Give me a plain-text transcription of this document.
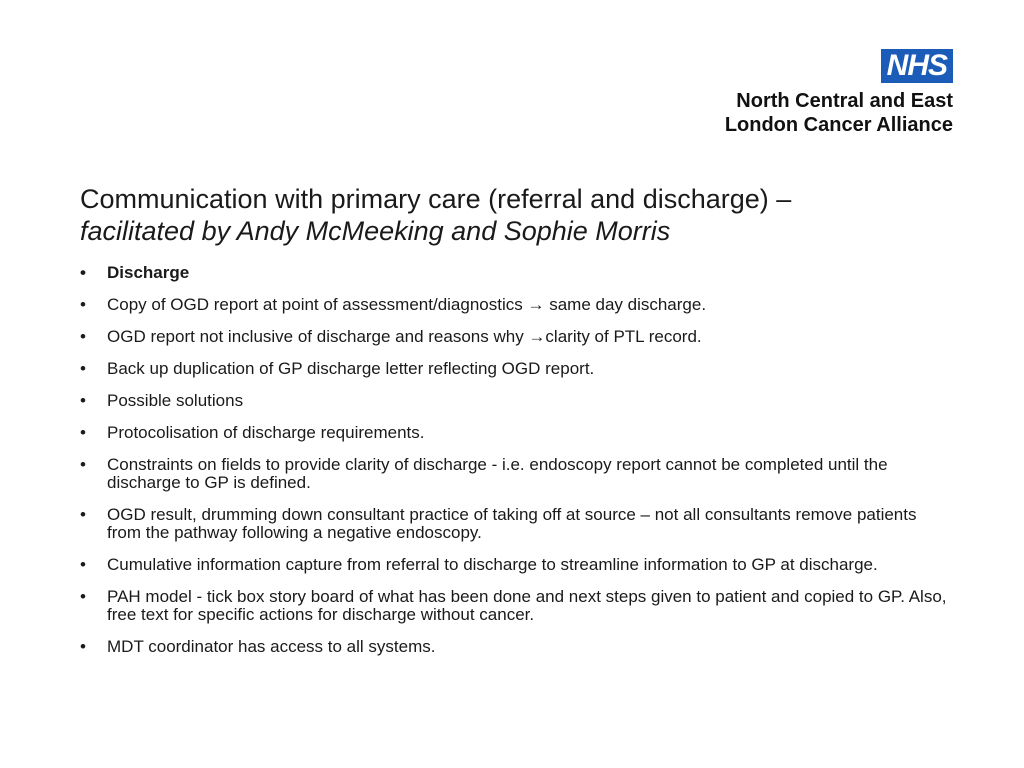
NHS
North Central and East
London Cancer Alliance
Communication with primary care (referral and discharge) –
facilitated by Andy McMeeking and Sophie Morris
• Discharge
• Copy of OGD report at point of assessment/diagnostics → same day discharge.
• OGD report not inclusive of discharge and reasons why →clarity of PTL record.
• Back up duplication of GP discharge letter reflecting OGD report.
• Possible solutions
• Protocolisation of discharge requirements.
• Constraints on fields to provide clarity of discharge - i.e. endoscopy report cannot be completed until the discharge to GP is defined.
• OGD result, drumming down consultant practice of taking off at source – not all consultants remove patients from the pathway following a negative endoscopy.
• Cumulative information capture from referral to discharge to streamline information to GP at discharge.
• PAH model - tick box story board of what has been done and next steps given to patient and copied to GP. Also, free text for specific actions for discharge without cancer.
• MDT coordinator has access to all systems.
